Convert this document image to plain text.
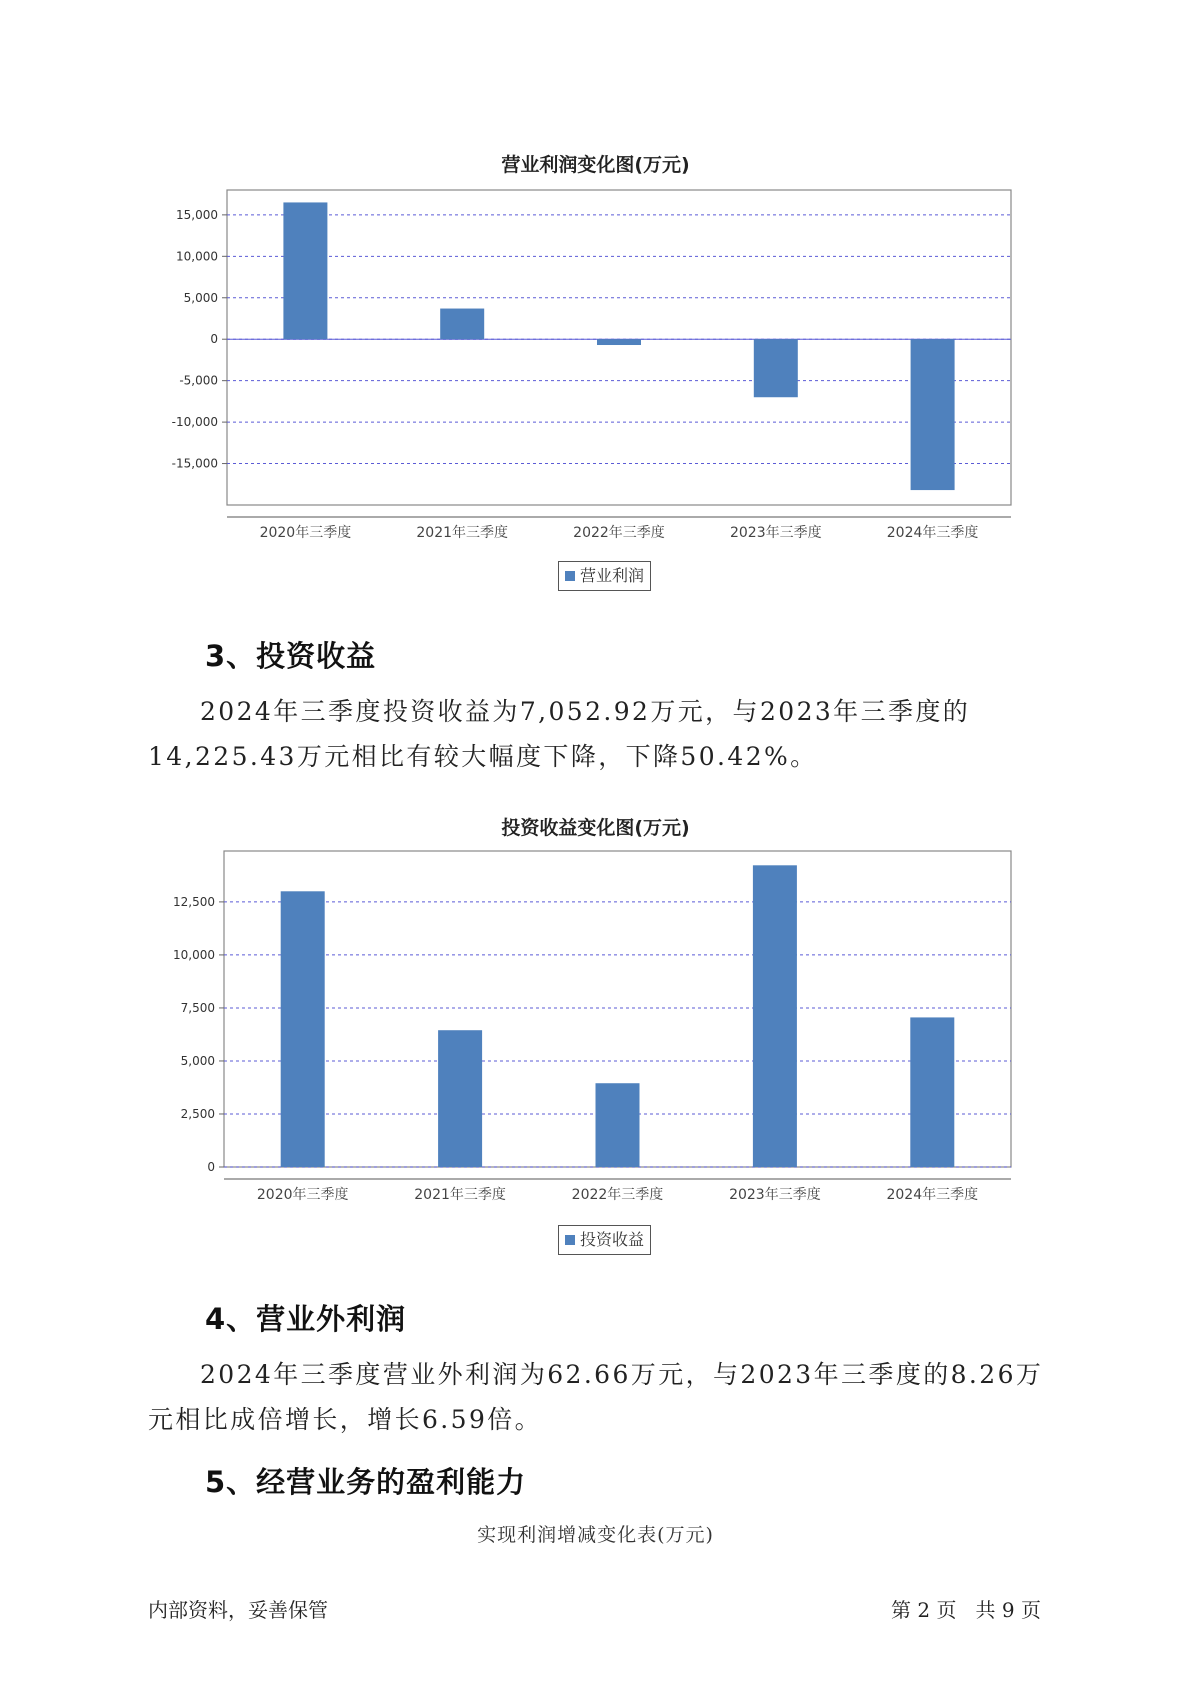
营业利润变化图(万元)
15,000
10,000
5,000
0
-5,000
-10,000
-15,000
2020年三季度	2021年三季度	2022年三季度	2023年三季度	2024年三季度
营业利润
3、投资收益
2024年三季度投资收益为7,052.92万元，与2023年三季度的14,225.43万元相比有较大幅度下降，下降50.42%。
投资收益变化图(万元)
12,500
10,000
7,500
5,000
2,500
0
2020年三季度	2021年三季度	2022年三季度	2023年三季度	2024年三季度
投资收益
4、营业外利润
2024年三季度营业外利润为62.66万元，与2023年三季度的8.26万元相比成倍增长，增长6.59倍。
5、经营业务的盈利能力
实现利润增减变化表(万元)
内部资料，妥善保管	第 2 页   共 9 页
